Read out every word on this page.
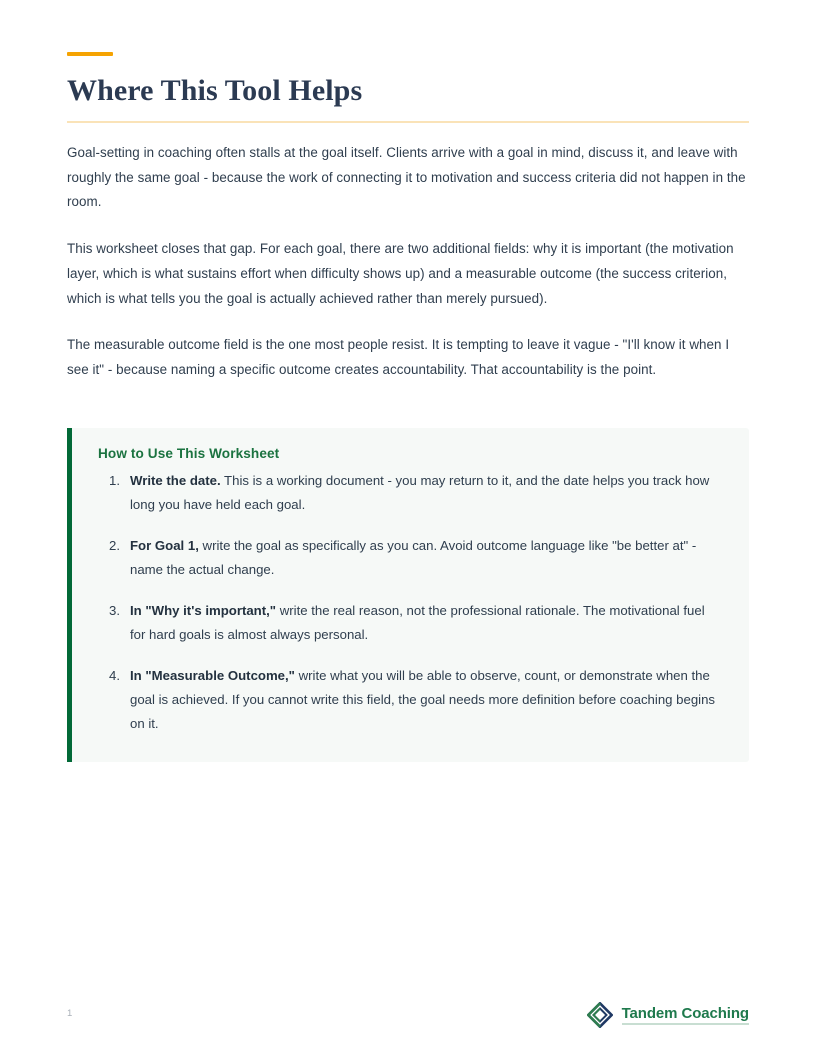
Where This Tool Helps

Goal-setting in coaching often stalls at the goal itself. Clients arrive with a goal in mind, discuss it, and leave with roughly the same goal - because the work of connecting it to motivation and success criteria did not happen in the room.

This worksheet closes that gap. For each goal, there are two additional fields: why it is important (the motivation layer, which is what sustains effort when difficulty shows up) and a measurable outcome (the success criterion, which is what tells you the goal is actually achieved rather than merely pursued).

The measurable outcome field is the one most people resist. It is tempting to leave it vague - "I'll know it when I see it" - because naming a specific outcome creates accountability. That accountability is the point.

How to Use This Worksheet
1. Write the date. This is a working document - you may return to it, and the date helps you track how long you have held each goal.
2. For Goal 1, write the goal as specifically as you can. Avoid outcome language like "be better at" - name the actual change.
3. In "Why it's important," write the real reason, not the professional rationale. The motivational fuel for hard goals is almost always personal.
4. In "Measurable Outcome," write what you will be able to observe, count, or demonstrate when the goal is achieved. If you cannot write this field, the goal needs more definition before coaching begins on it.
1	Tandem Coaching
